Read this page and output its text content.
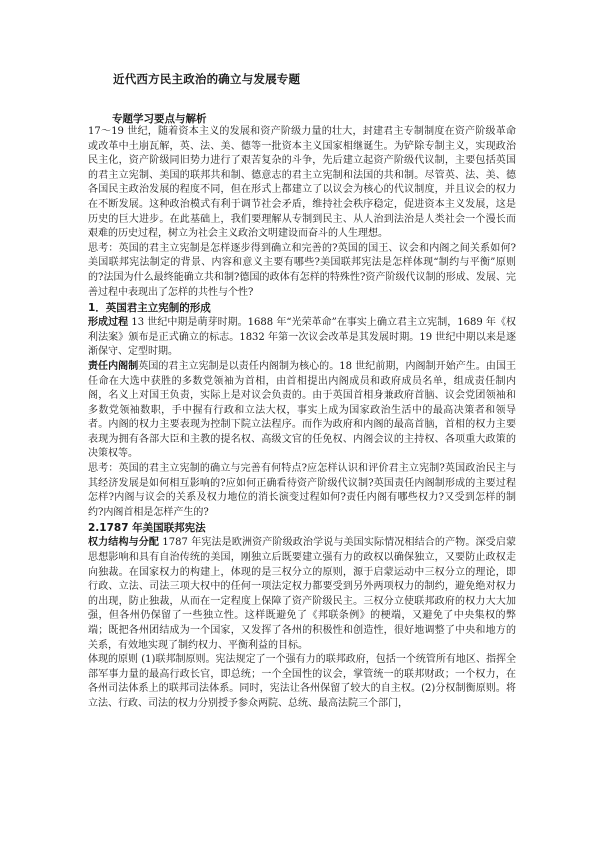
近代西方民主政治的确立与发展专题
专题学习要点与解析

17～19 世纪，随着资本主义的发展和资产阶级力量的壮大，封建君主专制制度在资产阶级革命或改革中土崩瓦解，英、法、美、德等一批资本主义国家相继诞生。为铲除专制主义，实现政治民主化，资产阶级同旧势力进行了艰苦复杂的斗争，先后建立起资产阶级代议制，主要包括英国的君主立宪制、美国的联邦共和制、德意志的君主立宪制和法国的共和制。尽管英、法、美、德各国民主政治发展的程度不同，但在形式上都建立了以议会为核心的代议制度，并且议会的权力在不断发展。这种政治模式有利于调节社会矛盾，维持社会秩序稳定，促进资本主义发展，这是历史的巨大进步。在此基础上，我们要理解从专制到民主、从人治到法治是人类社会一个漫长而艰难的历史过程，树立为社会主义政治文明建设而奋斗的人生理想。

思考：英国的君主立宪制是怎样逐步得到确立和完善的?英国的国王、议会和内阁之间关系如何?美国联邦宪法制定的背景、内容和意义主要有哪些?美国联邦宪法是怎样体现“制约与平衡”原则的?法国为什么最终能确立共和制?德国的政体有怎样的特殊性?资产阶级代议制的形成、发展、完善过程中表现出了怎样的共性与个性?

1．英国君主立宪制的形成

形成过程 13 世纪中期是萌芽时期。1688 年“光荣革命”在事实上确立君主立宪制，1689 年《权利法案》颁布是正式确立的标志。1832 年第一次议会改革是其发展时期。19 世纪中期以来是逐渐保守、定型时期。

责任内阁制英国的君主立宪制是以责任内阁制为核心的。18 世纪前期，内阁制开始产生。由国王任命在大选中获胜的多数党领袖为首相，由首相提出内阁成员和政府成员名单，组成责任制内阁，名义上对国王负责，实际上是对议会负责的。由于英国首相身兼政府首脑、议会党团领袖和多数党领袖数职，手中握有行政和立法大权，事实上成为国家政治生活中的最高决策者和领导者。内阁的权力主要表现为控制下院立法程序。而作为政府和内阁的最高首脑，首相的权力主要表现为拥有各部大臣和主教的提名权、高级文官的任免权、内阁会议的主持权、各项重大政策的决策权等。

思考：英国的君主立宪制的确立与完善有何特点?应怎样认识和评价君主立宪制?英国政治民主与其经济发展是如何相互影响的?应如何正确看待资产阶级代议制?英国责任内阁制形成的主要过程怎样?内阁与议会的关系及权力地位的消长演变过程如何?责任内阁有哪些权力?又受到怎样的制约?内阁首相是怎样产生的?

2.1787 年美国联邦宪法

权力结构与分配 1787 年宪法是欧洲资产阶级政治学说与美国实际情况相结合的产物。深受启蒙思想影响和具有自治传统的美国，刚独立后既要建立强有力的政权以确保独立，又要防止政权走向独裁。在国家权力的构建上，体现的是三权分立的原则，源于启蒙运动中三权分立的理论，即行政、立法、司法三项大权中的任何一项法定权力都要受到另外两项权力的制约，避免绝对权力的出现，防止独裁，从而在一定程度上保障了资产阶级民主。三权分立使联邦政府的权力大大加强，但各州仍保留了一些独立性。这样既避免了《邦联条例》的梗端，又避免了中央集权的弊端；既把各州团结成为一个国家，又发挥了各州的积极性和创造性，很好地调整了中央和地方的关系，有效地实现了制约权力、平衡利益的目标。

体现的原则 (1)联邦制原则。宪法规定了一个强有力的联邦政府，包括一个统管所有地区、指挥全部军事力量的最高行政长官，即总统；一个全国性的议会，掌管统一的联邦财政；一个权力，在各州司法体系上的联邦司法体系。同时，宪法让各州保留了较大的自主权。(2)分权制衡原则。将立法、行政、司法的权力分别授予参众两院、总统、最高法院三个部门，
